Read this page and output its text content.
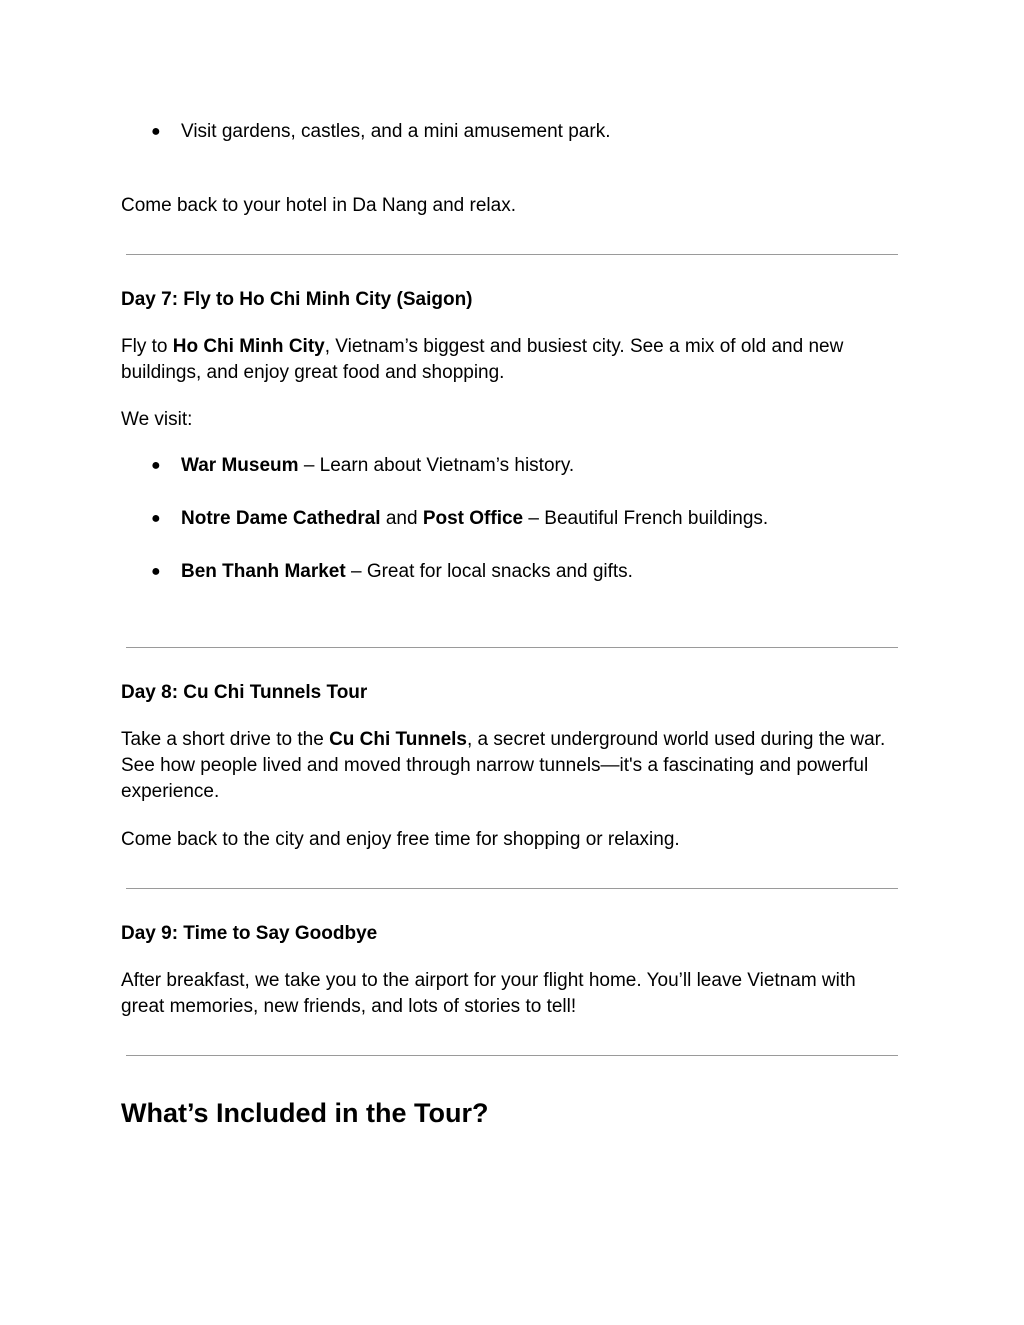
● Visit gardens, castles, and a mini amusement park.

Come back to your hotel in Da Nang and relax.

Day 7: Fly to Ho Chi Minh City (Saigon)

Fly to Ho Chi Minh City, Vietnam’s biggest and busiest city. See a mix of old and new buildings, and enjoy great food and shopping.

We visit:

● War Museum – Learn about Vietnam’s history.

● Notre Dame Cathedral and Post Office – Beautiful French buildings.

● Ben Thanh Market – Great for local snacks and gifts.

Day 8: Cu Chi Tunnels Tour

Take a short drive to the Cu Chi Tunnels, a secret underground world used during the war. See how people lived and moved through narrow tunnels—it's a fascinating and powerful experience.

Come back to the city and enjoy free time for shopping or relaxing.

Day 9: Time to Say Goodbye

After breakfast, we take you to the airport for your flight home. You’ll leave Vietnam with great memories, new friends, and lots of stories to tell!

What’s Included in the Tour?
